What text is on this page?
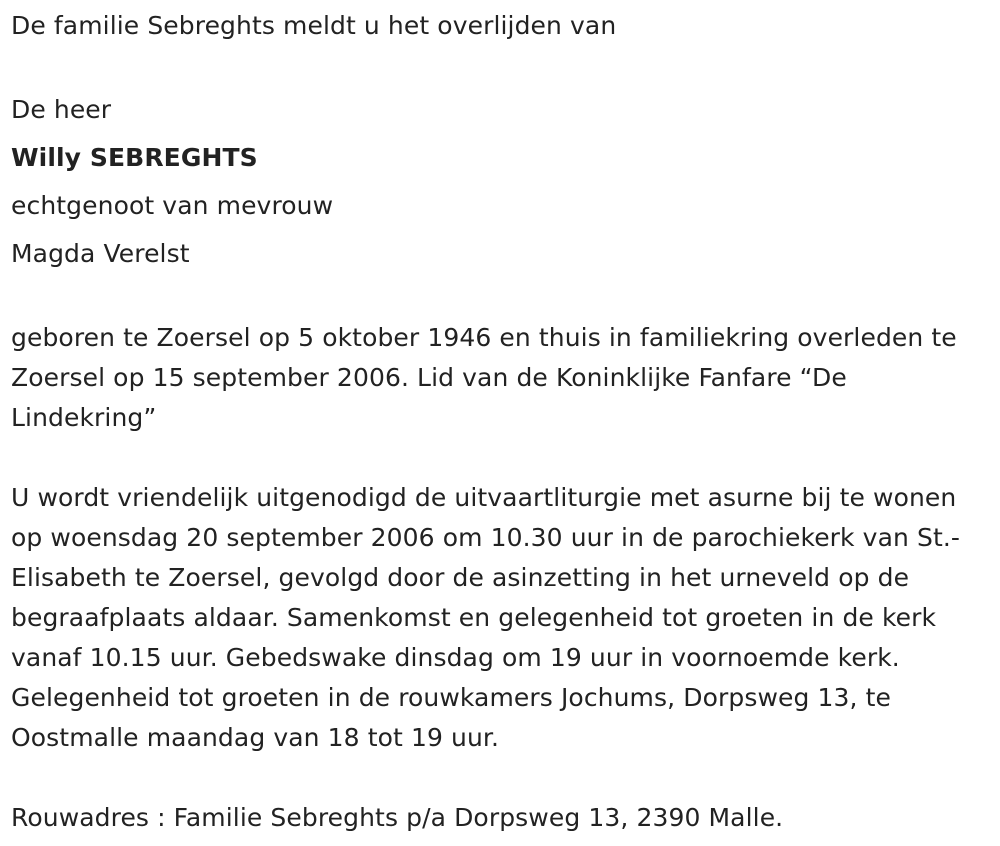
De familie Sebreghts meldt u het overlijden van

De heer

Willy SEBREGHTS

echtgenoot van mevrouw

Magda Verelst

geboren te Zoersel op 5 oktober 1946 en thuis in familiekring overleden te Zoersel op 15 september 2006. Lid van de Koninklijke Fanfare “De Lindekring”

U wordt vriendelijk uitgenodigd de uitvaartliturgie met asurne bij te wonen op woensdag 20 september 2006 om 10.30 uur in de parochiekerk van St.-Elisabeth te Zoersel, gevolgd door de asinzetting in het urneveld op de begraafplaats aldaar. Samenkomst en gelegenheid tot groeten in de kerk vanaf 10.15 uur. Gebedswake dinsdag om 19 uur in voornoemde kerk. Gelegenheid tot groeten in de rouwkamers Jochums, Dorpsweg 13, te Oostmalle maandag van 18 tot 19 uur.

Rouwadres : Familie Sebreghts p/a Dorpsweg 13, 2390 Malle.
